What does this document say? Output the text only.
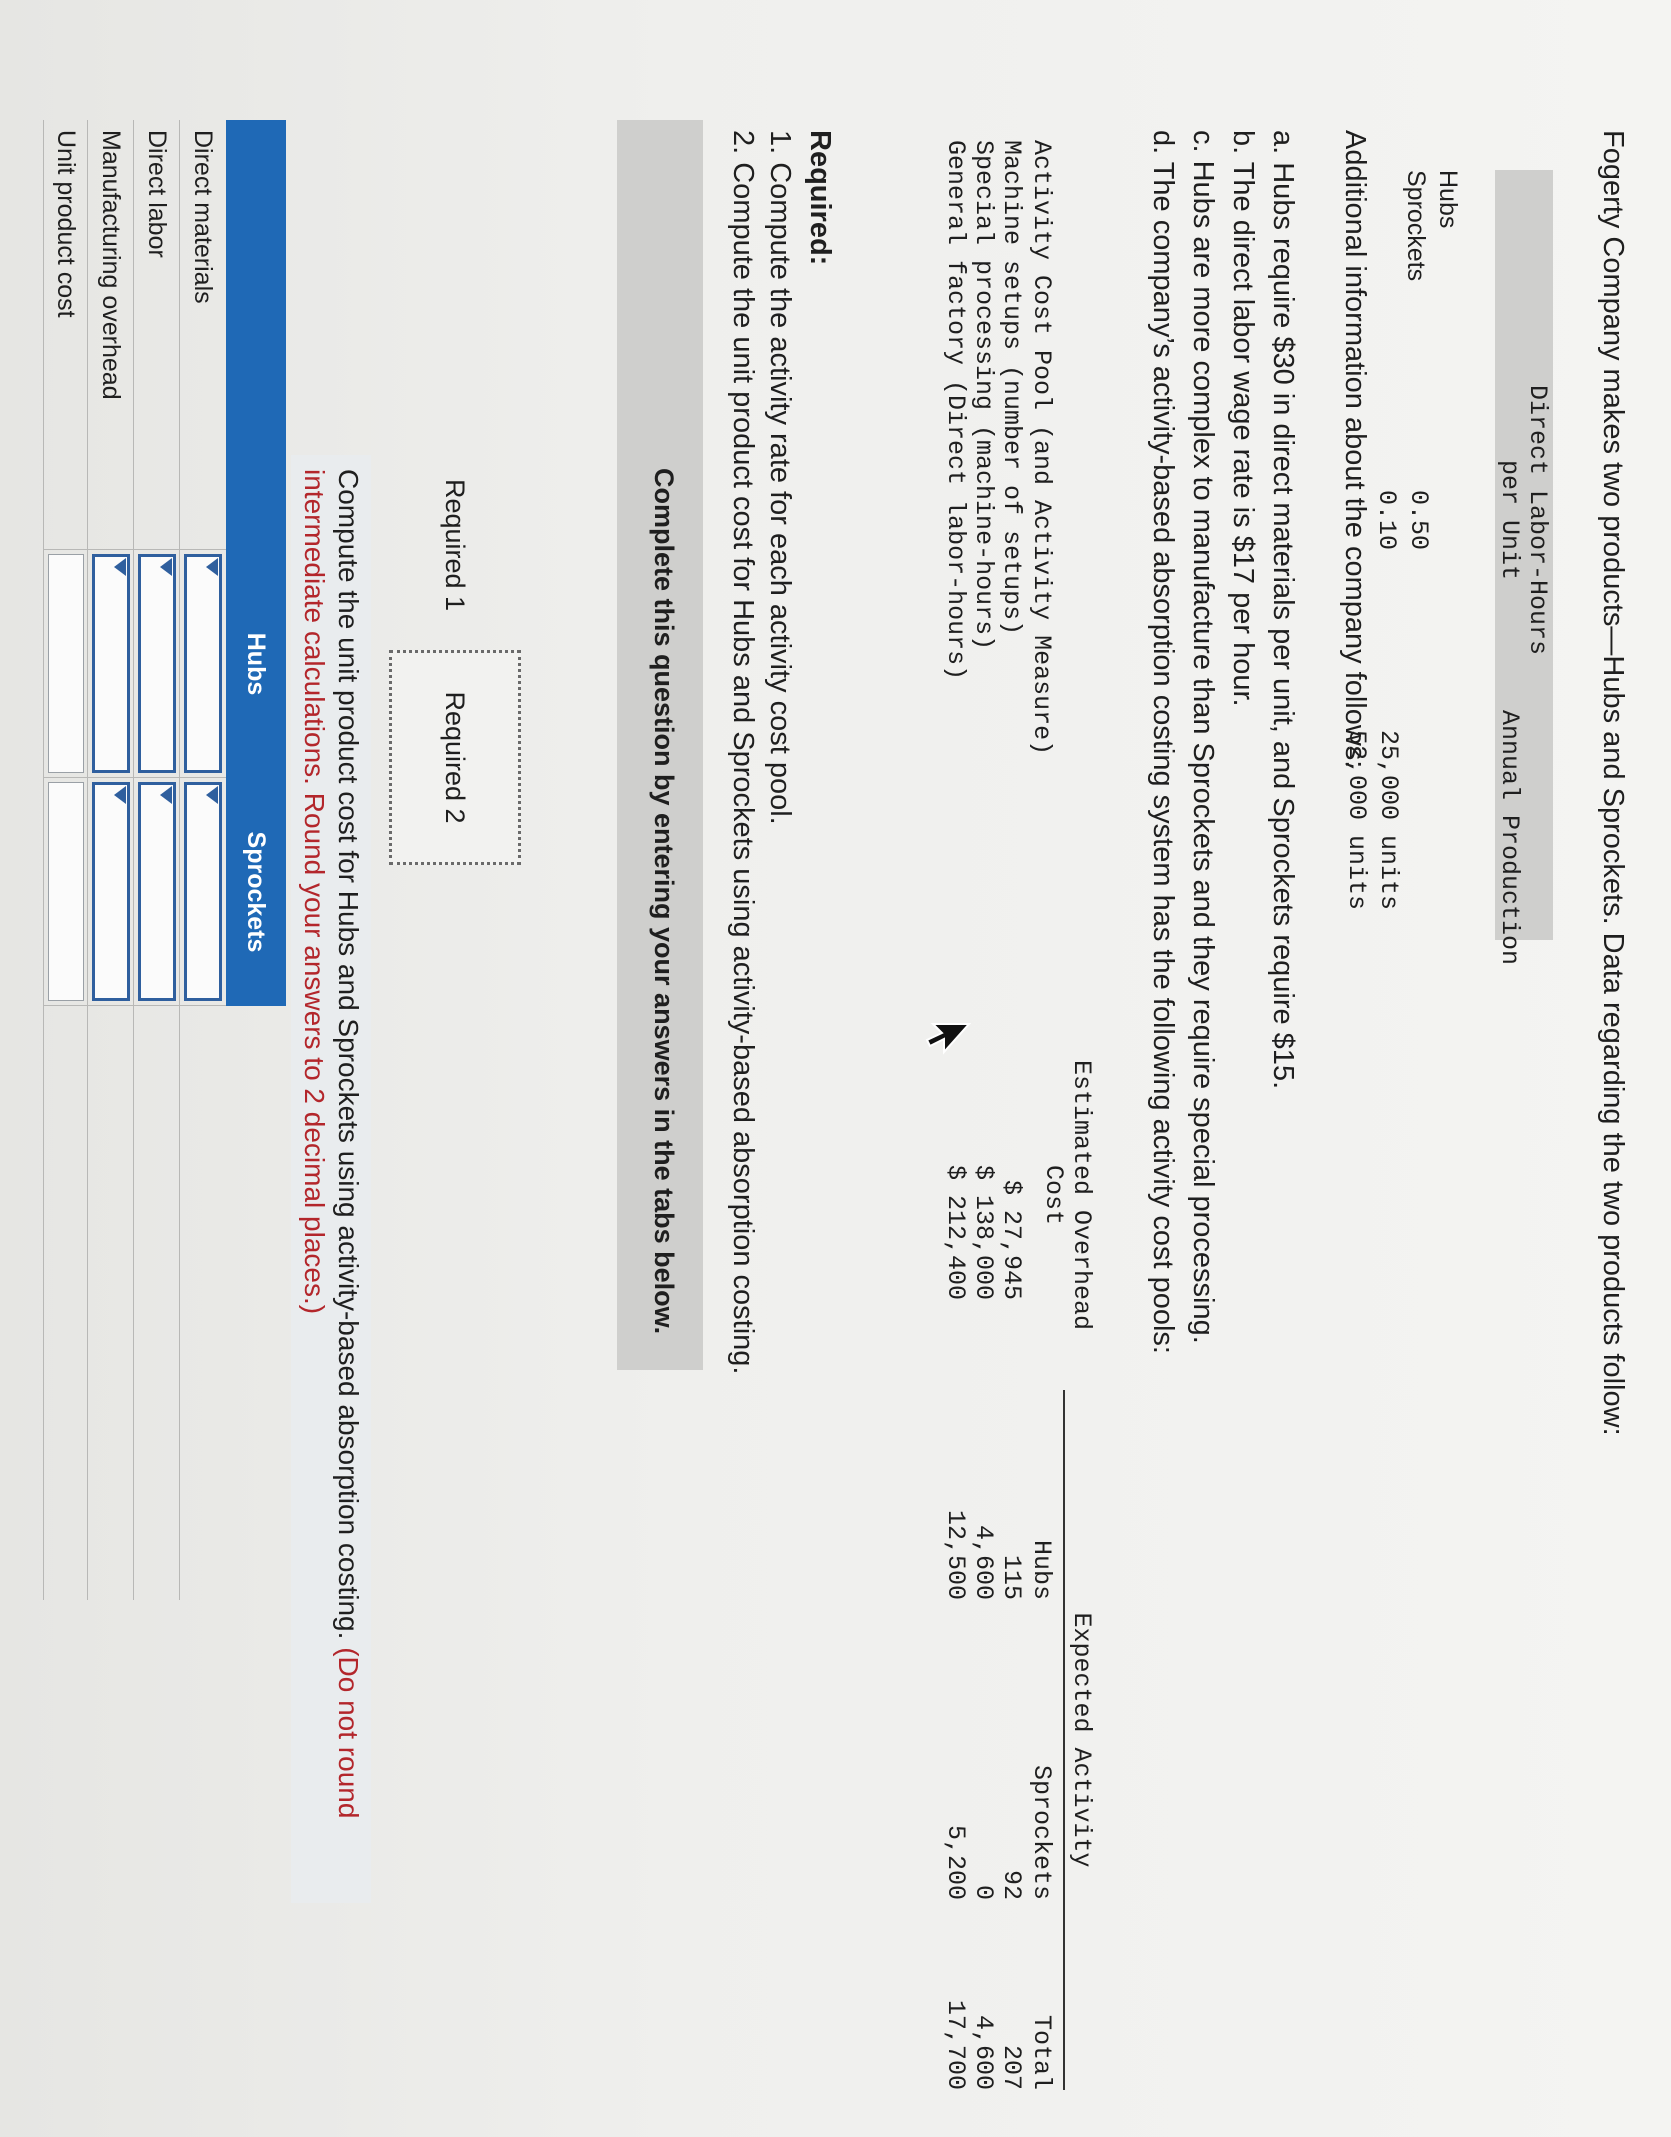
Fogerty Company makes two products—Hubs and Sprockets. Data regarding the two products follow:

Direct Labor-Hours
per Unit

Annual Production

Hubs

0.50

25,000 units

Sprockets

0.10

52,000 units

Additional information about the company follows:
a. Hubs require $30 in direct materials per unit, and Sprockets require $15.
b. The direct labor wage rate is $17 per hour.
c. Hubs are more complex to manufacture than Sprockets and they require special processing.
d. The company’s activity-based absorption costing system has the following activity cost pools:

Estimated Overhead
Cost

Expected Activity

Activity Cost Pool (and Activity Measure)

Hubs

Sprockets

Total

Machine setups (number of setups)

$ 27,945

115

92

207

Special processing (machine-hours)

$ 138,000

4,600

0

4,600

General factory (Direct labor-hours)

$ 212,400

12,500

5,200

17,700

Required:
1. Compute the activity rate for each activity cost pool.
2. Compute the unit product cost for Hubs and Sprockets using activity-based absorption costing.
Complete this question by entering your answers in the tabs below.
Required 1
Required 2
Compute the unit product cost for Hubs and Sprockets using activity-based absorption costing. (Do not round intermediate calculations. Round your answers to 2 decimal places.)
Hubs
Sprockets
Direct materials
Direct labor
Manufacturing overhead
Unit product cost
